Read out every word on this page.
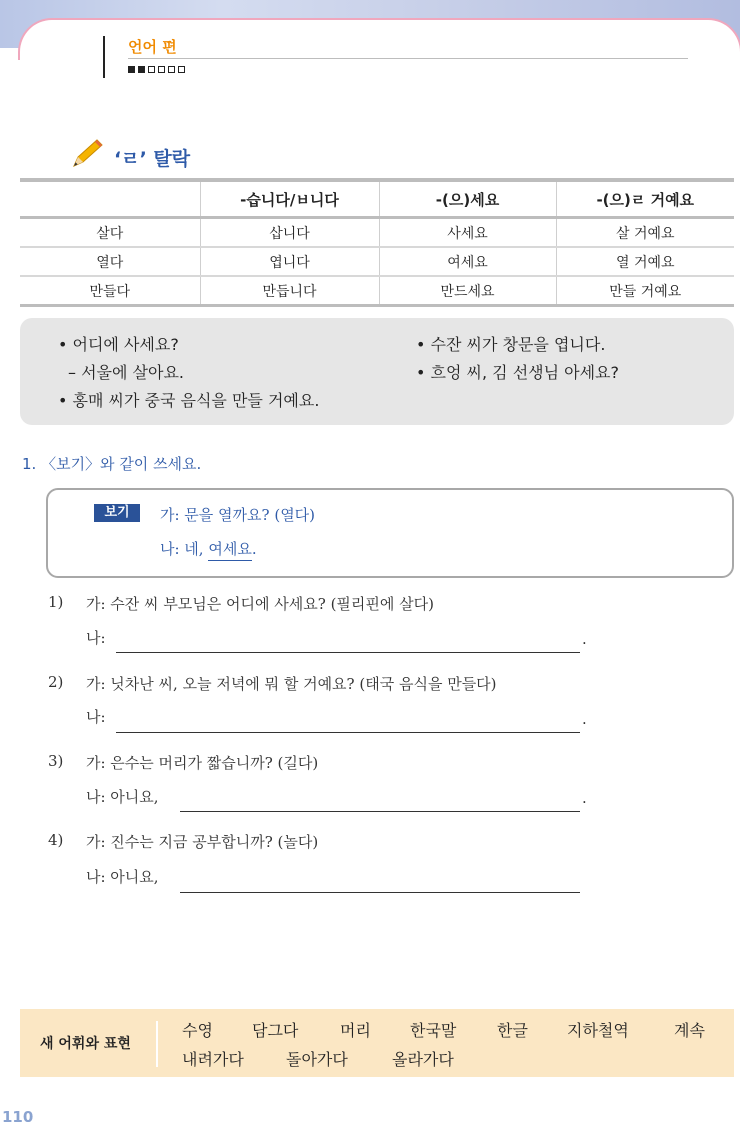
언어 편
‘ㄹ’ 탈락
	-습니다/ㅂ니다	-(으)세요	-(으)ㄹ 거예요
살다	삽니다	사세요	살 거예요
열다	엽니다	여세요	열 거예요
만들다	만듭니다	만드세요	만들 거예요
• 어디에 사세요?
– 서울에 살아요.
• 홍매 씨가 중국 음식을 만들 거예요.
• 수잔 씨가 창문을 엽니다.
• 흐엉 씨, 김 선생님 아세요?
1. 〈보기〉와 같이 쓰세요.
보기	가: 문을 열까요? (열다)
나: 네, 여세요.
1) 가: 수잔 씨 부모님은 어디에 사세요? (필리핀에 살다)
나:	.
2) 가: 닛차난 씨, 오늘 저녁에 뭐 할 거예요? (태국 음식을 만들다)
나:	.
3) 가: 은수는 머리가 짧습니까? (길다)
나: 아니요,	.
4) 가: 진수는 지금 공부합니까? (놀다)
나: 아니요,
새 어휘와 표현
수영 담그다	머리 한국말	한글 지하철역	계속
내려가다	돌아가다	올라가다
110
